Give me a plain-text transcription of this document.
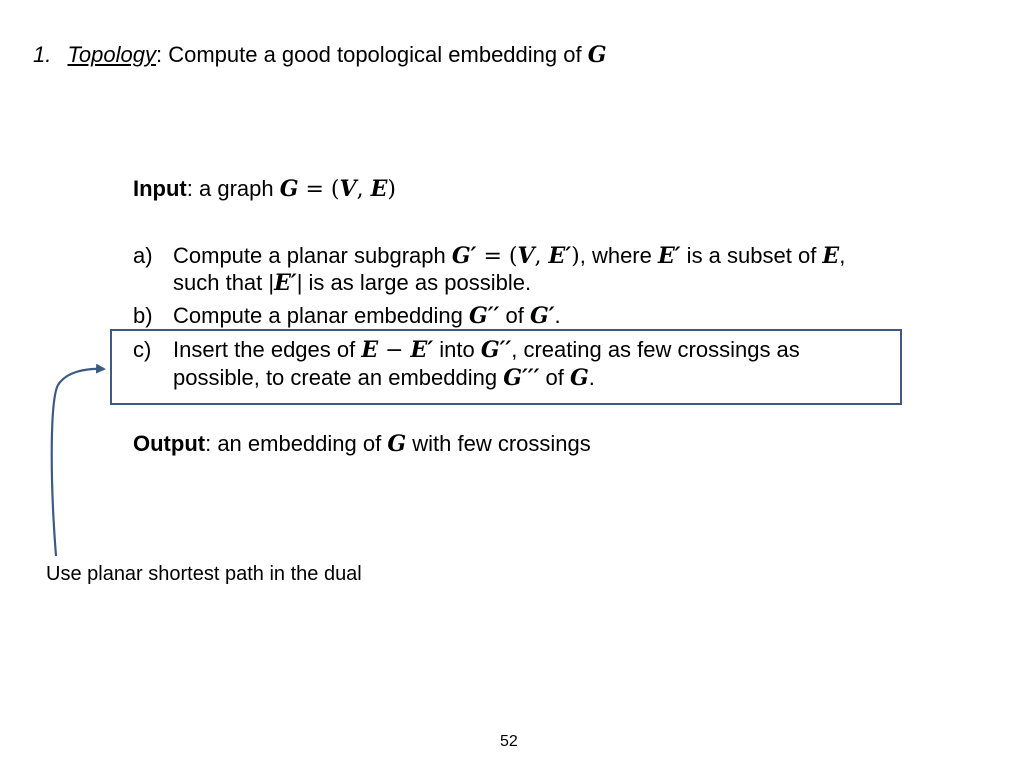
1. Topology: Compute a good topological embedding of G
Input: a graph G = (V, E)
a) Compute a planar subgraph G′ = (V, E′), where E′ is a subset of E,
such that |E′| is as large as possible.
b) Compute a planar embedding G′′ of G′.
c) Insert the edges of E − E′ into G′′, creating as few crossings as
possible, to create an embedding G′′′ of G.
Output: an embedding of G with few crossings
Use planar shortest path in the dual
52
